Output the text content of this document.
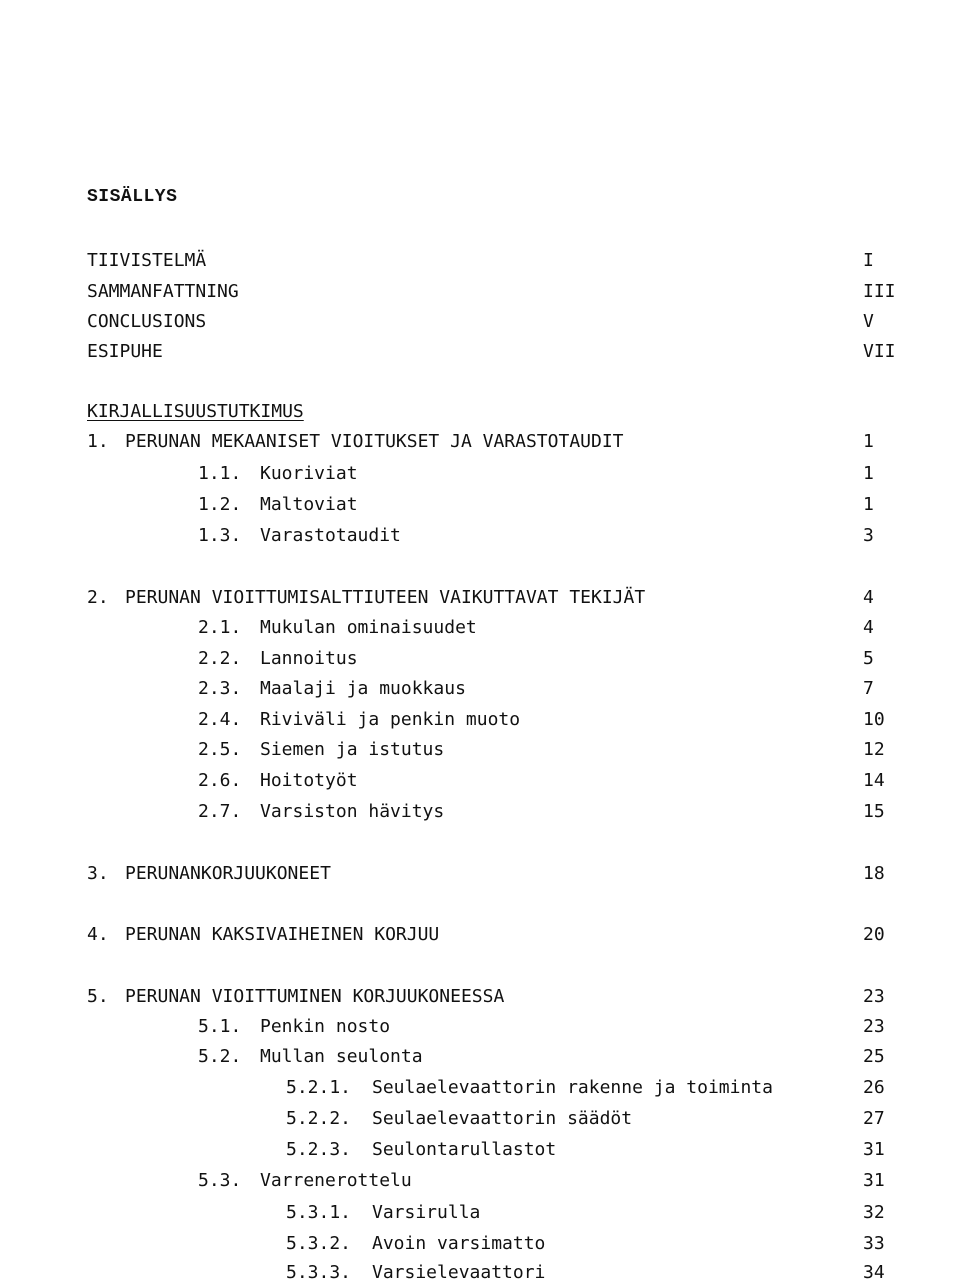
SISÄLLYS
TIIVISTELMÄ	I
SAMMANFATTNING	III
CONCLUSIONS	V
ESIPUHE	VII
KIRJALLISUUSTUTKIMUS
1. PERUNAN MEKAANISET VIOITUKSET JA VARASTOTAUDIT	1
1.1. Kuoriviat	1
1.2. Maltoviat	1
1.3. Varastotaudit	3
2. PERUNAN VIOITTUMISALTTIUTEEN VAIKUTTAVAT TEKIJÄT	4
2.1. Mukulan ominaisuudet	4
2.2. Lannoitus	5
2.3. Maalaji ja muokkaus	7
2.4. Riviväli ja penkin muoto	10
2.5. Siemen ja istutus	12
2.6. Hoitotyöt	14
2.7. Varsiston hävitys	15
3. PERUNANKORJUUKONEET	18
4. PERUNAN KAKSIVAIHEINEN KORJUU	20
5. PERUNAN VIOITTUMINEN KORJUUKONEESSA	23
5.1. Penkin nosto	23
5.2. Mullan seulonta	25
5.2.1. Seulaelevaattorin rakenne ja toiminta	26
5.2.2. Seulaelevaattorin säädöt	27
5.2.3. Seulontarullastot	31
5.3. Varrenerottelu	31
5.3.1. Varsirulla	32
5.3.2. Avoin varsimatto	33
5.3.3. Varsielevaattori	34
